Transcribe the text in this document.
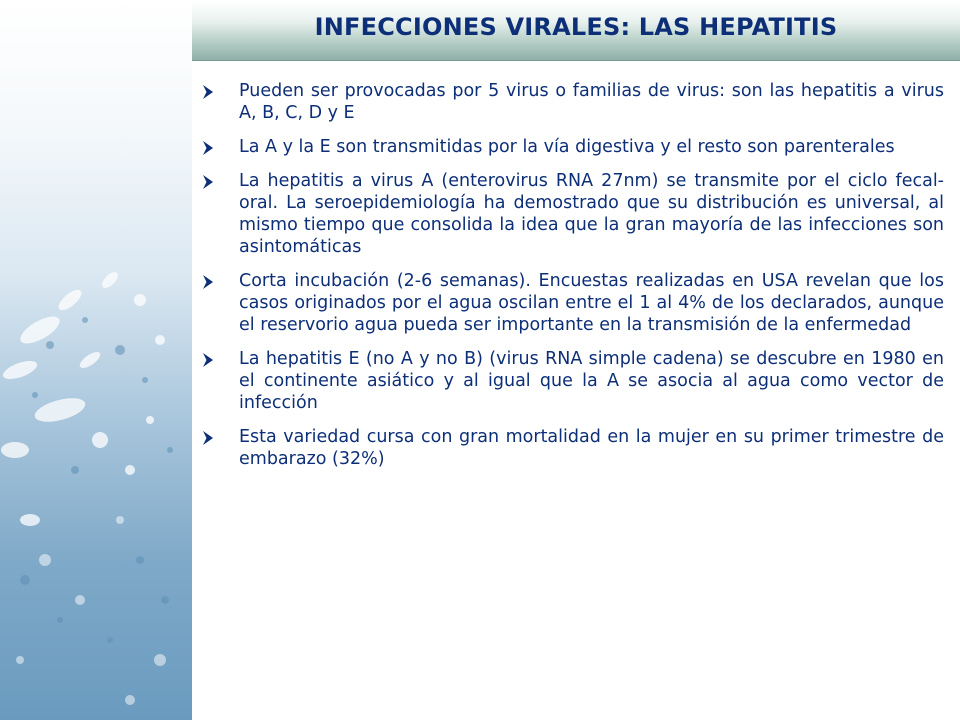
INFECCIONES VIRALES: LAS HEPATITIS
Pueden ser provocadas por 5 virus o familias de virus: son las hepatitis a virus A, B, C, D y E
La A y la E son transmitidas por la vía digestiva y el resto son parenterales
La hepatitis a virus A (enterovirus RNA 27nm) se transmite por el ciclo fecal-oral. La seroepidemiología ha demostrado que su distribución es universal, al mismo tiempo que consolida la idea que la gran mayoría de las infecciones son asintomáticas
Corta incubación (2-6 semanas). Encuestas realizadas en USA revelan que los casos originados por el agua oscilan entre el 1 al 4% de los declarados, aunque el reservorio agua pueda ser importante en la transmisión de la enfermedad
La hepatitis E (no A y no B) (virus RNA simple cadena) se descubre en 1980 en el continente asiático y al igual que la A se asocia al agua como vector de infección
Esta variedad cursa con gran mortalidad en la mujer en su primer trimestre de embarazo (32%)
